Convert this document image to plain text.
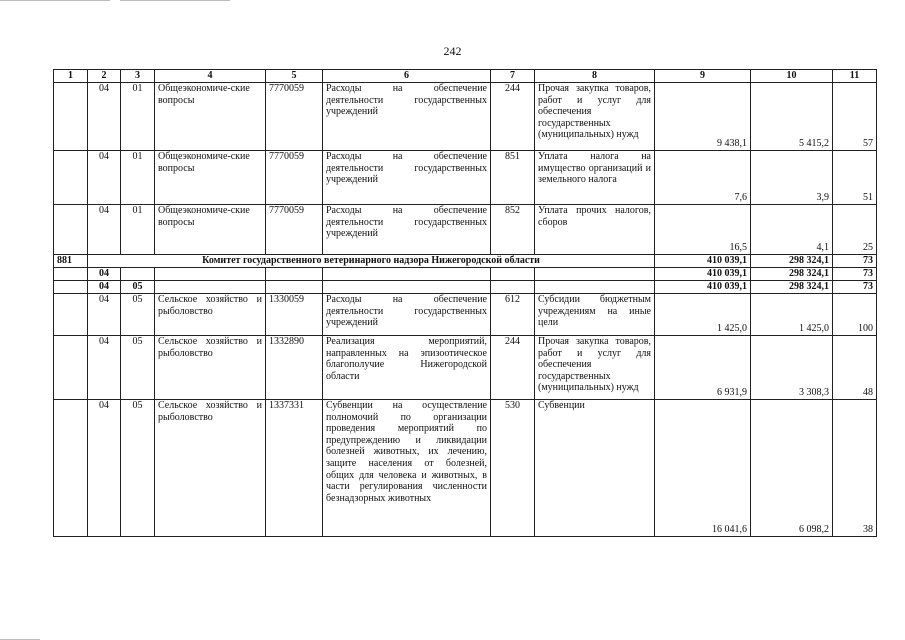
242
1	2	3	4	5	6	7	8	9	10	11
	04	01	Общеэкономиче-ские вопросы	7770059	Расходы на обеспечение деятельности государственных учреждений	244	Прочая закупка товаров, работ и услуг для обеспечения государственных (муниципальных) нужд	9 438,1	5 415,2	57
	04	01	Общеэкономиче-ские вопросы	7770059	Расходы на обеспечение деятельности государственных учреждений	851	Уплата налога на имущество организаций и земельного налога	7,6	3,9	51
	04	01	Общеэкономиче-ские вопросы	7770059	Расходы на обеспечение деятельности государственных учреждений	852	Уплата прочих налогов, сборов	16,5	4,1	25
881	Комитет государственного ветеринарного надзора Нижегородской области							410 039,1	298 324,1	73
	04							410 039,1	298 324,1	73
	04	05						410 039,1	298 324,1	73
	04	05	Сельское хозяйство и рыболовство	1330059	Расходы на обеспечение деятельности государственных учреждений	612	Субсидии бюджетным учреждениям на иные цели	1 425,0	1 425,0	100
	04	05	Сельское хозяйство и рыболовство	1332890	Реализация мероприятий, направленных на эпизоотическое благополучие Нижегородской области	244	Прочая закупка товаров, работ и услуг для обеспечения государственных (муниципальных) нужд	6 931,9	3 308,3	48
	04	05	Сельское хозяйство и рыболовство	1337331	Субвенции на осуществление полномочий по организации проведения мероприятий по предупреждению и ликвидации болезней животных, их лечению, защите населения от болезней, общих для человека и животных, в части регулирования численности безнадзорных животных	530	Субвенции	16 041,6	6 098,2	38
